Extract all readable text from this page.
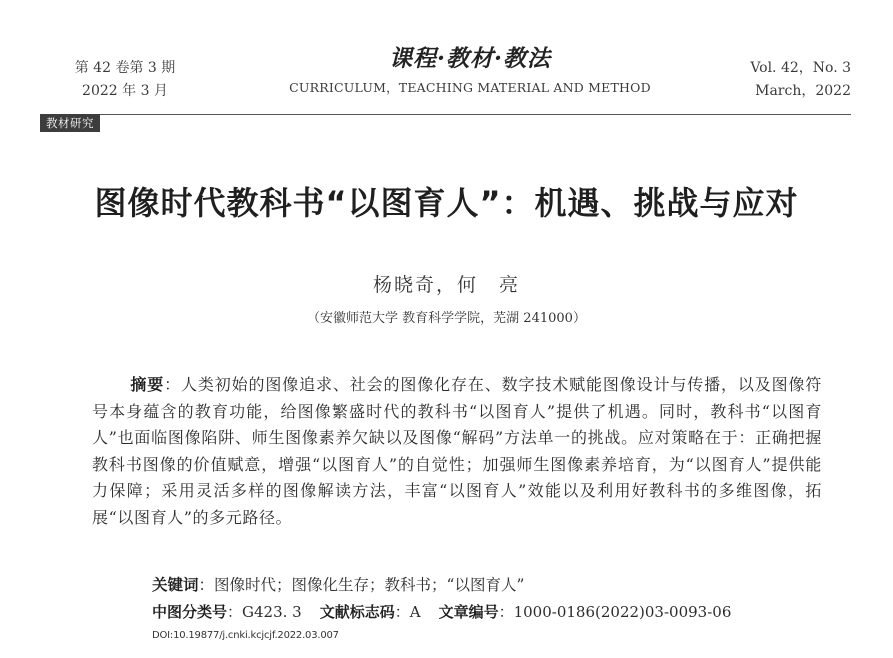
第 42 卷第 3 期
2022 年 3 月
课程·教材·教法
CURRICULUM，TEACHING MATERIAL AND METHOD
Vol. 42，No. 3
March，2022
教材研究
图像时代教科书“以图育人”：机遇、挑战与应对
杨晓奇，何　亮
（安徽师范大学 教育科学学院，芜湖 241000）
摘要：人类初始的图像追求、社会的图像化存在、数字技术赋能图像设计与传播，以及图像符号本身蕴含的教育功能，给图像繁盛时代的教科书“以图育人”提供了机遇。同时，教科书“以图育人”也面临图像陷阱、师生图像素养欠缺以及图像“解码”方法单一的挑战。应对策略在于：正确把握教科书图像的价值赋意，增强“以图育人”的自觉性；加强师生图像素养培育，为“以图育人”提供能力保障；采用灵活多样的图像解读方法，丰富“以图育人”效能以及利用好教科书的多维图像，拓展“以图育人”的多元路径。
关键词：图像时代；图像化生存；教科书；“以图育人”
中图分类号：G423. 3 文献标志码：A 文章编号：1000-0186(2022)03-0093-06
DOI:10.19877/j.cnki.kcjcjf.2022.03.007
